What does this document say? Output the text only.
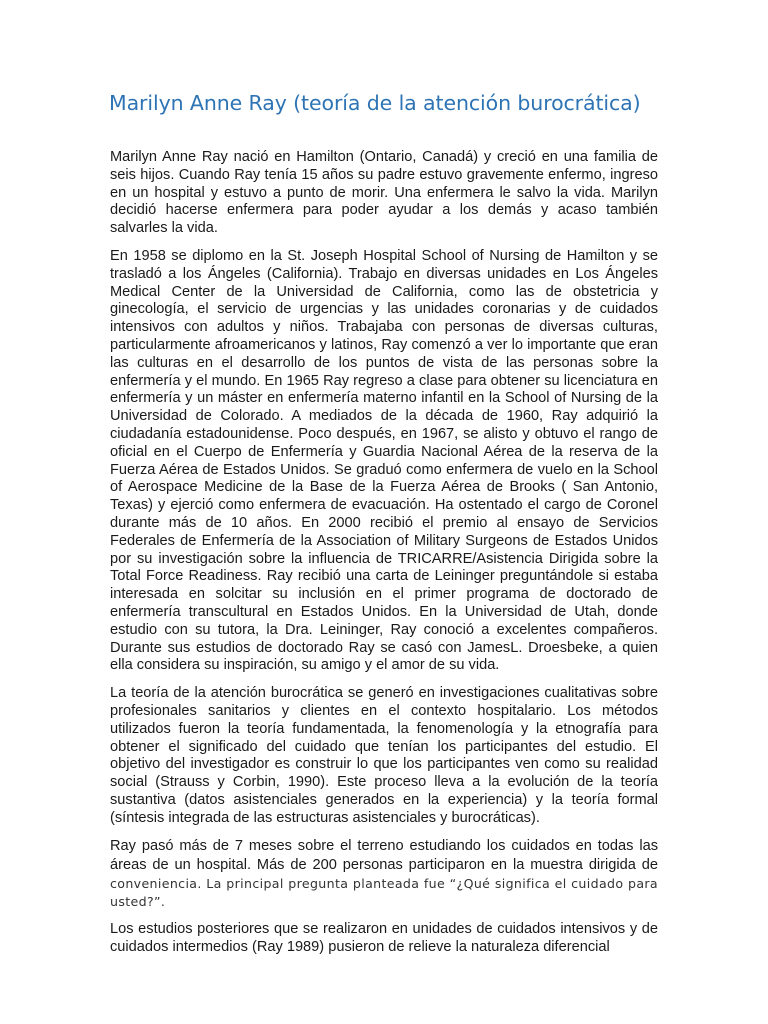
Marilyn Anne Ray (teoría de la atención burocrática)

Marilyn Anne Ray nació en Hamilton (Ontario, Canadá) y creció en una familia de seis hijos. Cuando Ray tenía 15 años su padre estuvo gravemente enfermo, ingreso en un hospital y estuvo a punto de morir. Una enfermera le salvo la vida. Marilyn decidió hacerse enfermera para poder ayudar a los demás y acaso también salvarles la vida.

En 1958 se diplomo en la St. Joseph Hospital School of Nursing de Hamilton y se trasladó a los Ángeles (California). Trabajo en diversas unidades en Los Ángeles Medical Center de la Universidad de California, como las de obstetricia y ginecología, el servicio de urgencias y las unidades coronarias y de cuidados intensivos con adultos y niños. Trabajaba con personas de diversas culturas, particularmente afroamericanos y latinos, Ray comenzó a ver lo importante que eran las culturas en el desarrollo de los puntos de vista de las personas sobre la enfermería y el mundo. En 1965 Ray regreso a clase para obtener su licenciatura en enfermería y un máster en enfermería materno infantil en la School of Nursing de la Universidad de Colorado. A mediados de la década de 1960, Ray adquirió la ciudadanía estadounidense. Poco después, en 1967, se alisto y obtuvo el rango de oficial en el Cuerpo de Enfermería y Guardia Nacional Aérea de la reserva de la Fuerza Aérea de Estados Unidos. Se graduó como enfermera de vuelo en la School of Aerospace Medicine de la Base de la Fuerza Aérea de Brooks ( San Antonio, Texas) y ejerció como enfermera de evacuación. Ha ostentado el cargo de Coronel durante más de 10 años. En 2000 recibió el premio al ensayo de Servicios Federales de Enfermería de la Association of Military Surgeons de Estados Unidos por su investigación sobre la influencia de TRICARRE/Asistencia Dirigida sobre la Total Force Readiness. Ray recibió una carta de Leininger preguntándole si estaba interesada en solcitar su inclusión en el primer programa de doctorado de enfermería transcultural en Estados Unidos. En la Universidad de Utah, donde estudio con su tutora, la Dra. Leininger, Ray conoció a excelentes compañeros. Durante sus estudios de doctorado Ray se casó con JamesL. Droesbeke, a quien ella considera su inspiración, su amigo y el amor de su vida.

La teoría de la atención burocrática se generó en investigaciones cualitativas sobre profesionales sanitarios y clientes en el contexto hospitalario. Los métodos utilizados fueron la teoría fundamentada, la fenomenología y la etnografía para obtener el significado del cuidado que tenían los participantes del estudio. El objetivo del investigador es construir lo que los participantes ven como su realidad social (Strauss y Corbin, 1990). Este proceso lleva a la evolución de la teoría sustantiva (datos asistenciales generados en la experiencia) y la teoría formal (síntesis integrada de las estructuras asistenciales y burocráticas).

Ray pasó más de 7 meses sobre el terreno estudiando los cuidados en todas las áreas de un hospital. Más de 200 personas participaron en la muestra dirigida de conveniencia. La principal pregunta planteada fue “¿Qué significa el cuidado para usted?”.

Los estudios posteriores que se realizaron en unidades de cuidados intensivos y de cuidados intermedios (Ray 1989) pusieron de relieve la naturaleza diferencial
